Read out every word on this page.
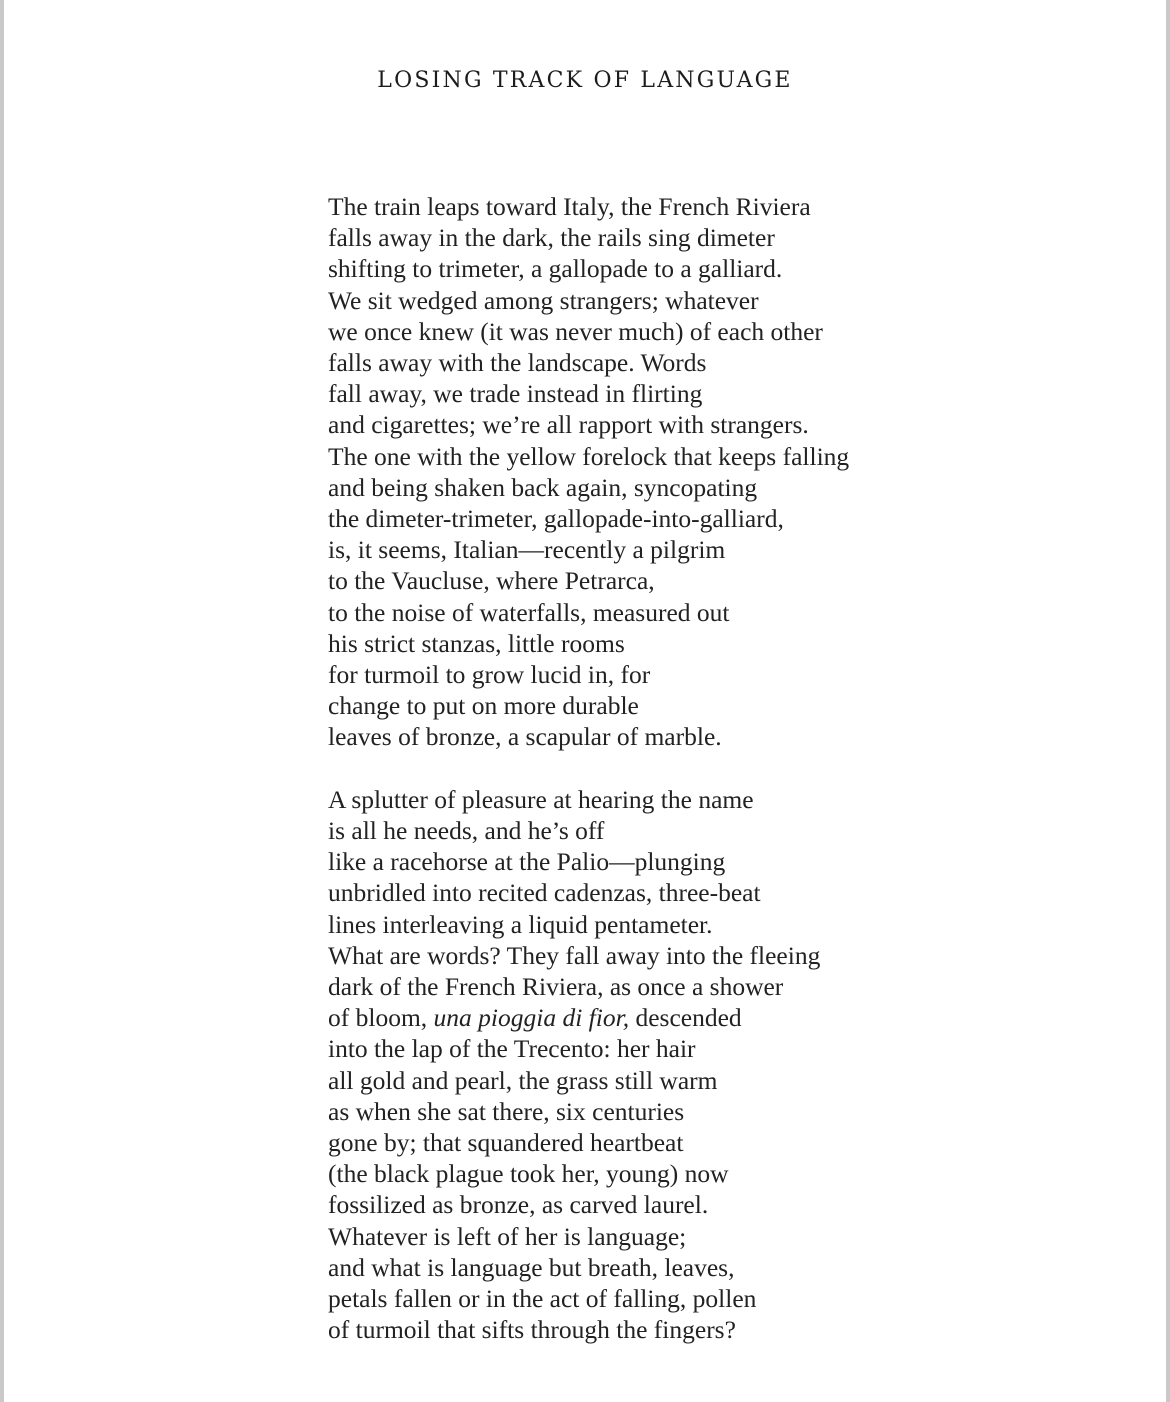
LOSING TRACK OF LANGUAGE
The train leaps toward Italy, the French Riviera
falls away in the dark, the rails sing dimeter
shifting to trimeter, a gallopade to a galliard.
We sit wedged among strangers; whatever
we once knew (it was never much) of each other
falls away with the landscape. Words
fall away, we trade instead in flirting
and cigarettes; we’re all rapport with strangers.
The one with the yellow forelock that keeps falling
and being shaken back again, syncopating
the dimeter-trimeter, gallopade-into-galliard,
is, it seems, Italian—recently a pilgrim
to the Vaucluse, where Petrarca,
to the noise of waterfalls, measured out
his strict stanzas, little rooms
for turmoil to grow lucid in, for
change to put on more durable
leaves of bronze, a scapular of marble.
A splutter of pleasure at hearing the name
is all he needs, and he’s off
like a racehorse at the Palio—plunging
unbridled into recited cadenzas, three-beat
lines interleaving a liquid pentameter.
What are words? They fall away into the fleeing
dark of the French Riviera, as once a shower
of bloom, una pioggia di fior, descended
into the lap of the Trecento: her hair
all gold and pearl, the grass still warm
as when she sat there, six centuries
gone by; that squandered heartbeat
(the black plague took her, young) now
fossilized as bronze, as carved laurel.
Whatever is left of her is language;
and what is language but breath, leaves,
petals fallen or in the act of falling, pollen
of turmoil that sifts through the fingers?
